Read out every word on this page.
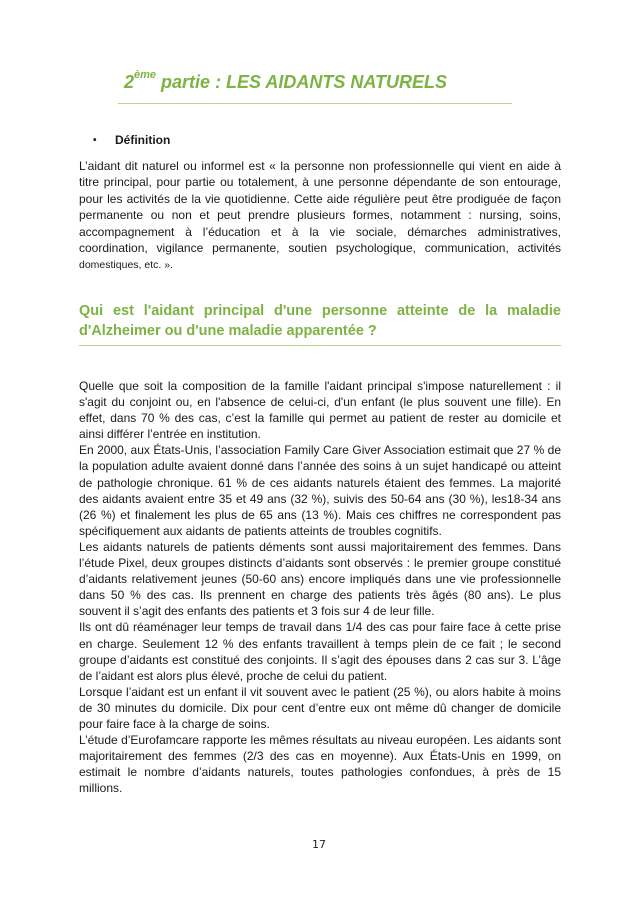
2ème partie : LES AIDANTS NATURELS
• Définition

L’aidant dit naturel ou informel est « la personne non professionnelle qui vient en aide à titre principal, pour partie ou totalement, à une personne dépendante de son entourage, pour les activités de la vie quotidienne. Cette aide régulière peut être prodiguée de façon permanente ou non et peut prendre plusieurs formes, notamment : nursing, soins, accompagnement à l’éducation et à la vie sociale, démarches administratives, coordination, vigilance permanente, soutien psychologique, communication, activités domestiques, etc. ».

Qui est l'aidant principal d'une personne atteinte de la maladie d'Alzheimer ou d'une maladie apparentée ?

Quelle que soit la composition de la famille l'aidant principal s'impose naturellement : il s'agit du conjoint ou, en l'absence de celui-ci, d'un enfant (le plus souvent une fille). En effet, dans 70 % des cas, c’est la famille qui permet au patient de rester au domicile et ainsi différer l’entrée en institution.

En 2000, aux États-Unis, l’association Family Care Giver Association estimait que 27 % de la population adulte avaient donné dans l’année des soins à un sujet handicapé ou atteint de pathologie chronique. 61 % de ces aidants naturels étaient des femmes. La majorité des aidants avaient entre 35 et 49 ans (32 %), suivis des 50-64 ans (30 %), les18-34 ans (26 %) et finalement les plus de 65 ans (13 %). Mais ces chiffres ne correspondent pas spécifiquement aux aidants de patients atteints de troubles cognitifs.

Les aidants naturels de patients déments sont aussi majoritairement des femmes. Dans l’étude Pixel, deux groupes distincts d’aidants sont observés : le premier groupe constitué d’aidants relativement jeunes (50-60 ans) encore impliqués dans une vie professionnelle dans 50 % des cas. Ils prennent en charge des patients très âgés (80 ans). Le plus souvent il s’agit des enfants des patients et 3 fois sur 4 de leur fille.

Ils ont dû réaménager leur temps de travail dans 1/4 des cas pour faire face à cette prise en charge. Seulement 12 % des enfants travaillent à temps plein de ce fait ; le second groupe d’aidants est constitué des conjoints. Il s’agit des épouses dans 2 cas sur 3. L’âge de l’aidant est alors plus élevé, proche de celui du patient.

Lorsque l’aidant est un enfant il vit souvent avec le patient (25 %), ou alors habite à moins de 30 minutes du domicile. Dix pour cent d’entre eux ont même dû changer de domicile pour faire face à la charge de soins.

L’étude d’Eurofamcare rapporte les mêmes résultats au niveau européen. Les aidants sont majoritairement des femmes (2/3 des cas en moyenne). Aux États-Unis en 1999, on estimait le nombre d’aidants naturels, toutes pathologies confondues, à près de 15 millions.

17
